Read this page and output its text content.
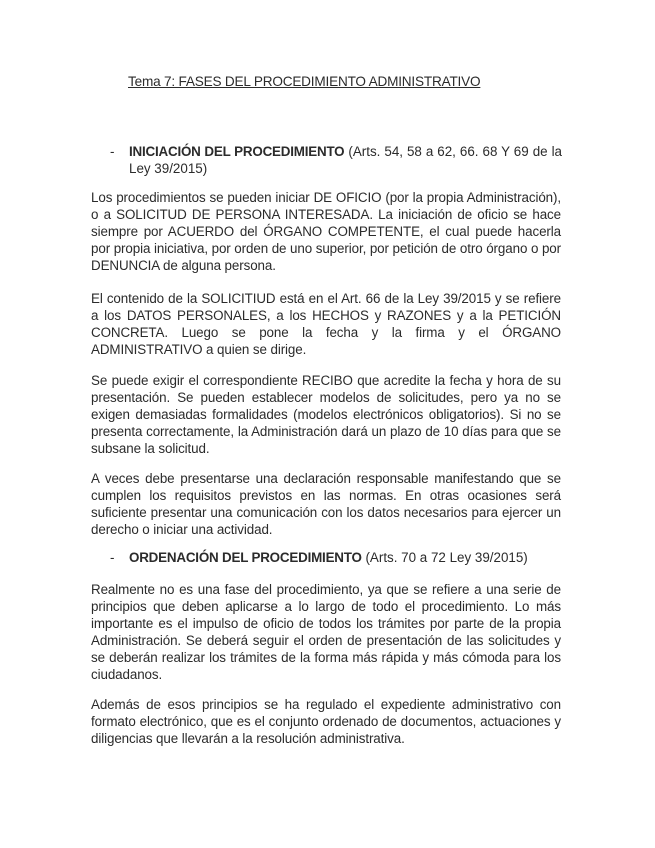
Tema 7: FASES DEL PROCEDIMIENTO ADMINISTRATIVO
-	INICIACIÓN DEL PROCEDIMIENTO (Arts. 54, 58 a 62, 66. 68 Y 69 de la Ley 39/2015)

Los procedimientos se pueden iniciar DE OFICIO (por la propia Administración), o a SOLICITUD DE PERSONA INTERESADA. La iniciación de oficio se hace siempre por ACUERDO del ÓRGANO COMPETENTE, el cual puede hacerla por propia iniciativa, por orden de uno superior, por petición de otro órgano o por DENUNCIA de alguna persona.

El contenido de la SOLICITIUD está en el Art. 66 de la Ley 39/2015 y se refiere a los DATOS PERSONALES, a los HECHOS y RAZONES y a la PETICIÓN CONCRETA. Luego se pone la fecha y la firma y el ÓRGANO ADMINISTRATIVO a quien se dirige.

Se puede exigir el correspondiente RECIBO que acredite la fecha y hora de su presentación. Se pueden establecer modelos de solicitudes, pero ya no se exigen demasiadas formalidades (modelos electrónicos obligatorios). Si no se presenta correctamente, la Administración dará un plazo de 10 días para que se subsane la solicitud.

A veces debe presentarse una declaración responsable manifestando que se cumplen los requisitos previstos en las normas. En otras ocasiones será suficiente presentar una comunicación con los datos necesarios para ejercer un derecho o iniciar una actividad.

-	ORDENACIÓN DEL PROCEDIMIENTO (Arts. 70 a 72 Ley 39/2015)

Realmente no es una fase del procedimiento, ya que se refiere a una serie de principios que deben aplicarse a lo largo de todo el procedimiento. Lo más importante es el impulso de oficio de todos los trámites por parte de la propia Administración. Se deberá seguir el orden de presentación de las solicitudes y se deberán realizar los trámites de la forma más rápida y más cómoda para los ciudadanos.

Además de esos principios se ha regulado el expediente administrativo con formato electrónico, que es el conjunto ordenado de documentos, actuaciones y diligencias que llevarán a la resolución administrativa.
